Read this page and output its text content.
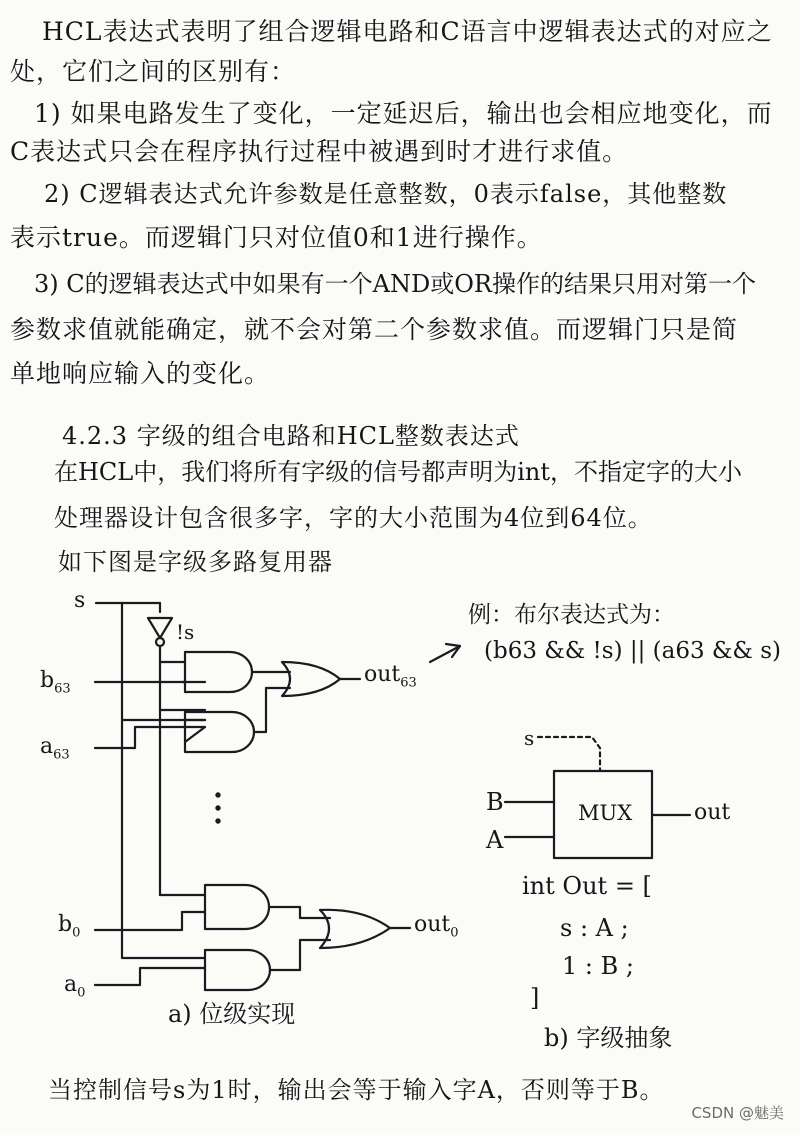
HCL表达式表明了组合逻辑电路和C语言中逻辑表达式的对应之
处，它们之间的区别有：
1) 如果电路发生了变化，一定延迟后，输出也会相应地变化，而
C表达式只会在程序执行过程中被遇到时才进行求值。
2) C逻辑表达式允许参数是任意整数，0表示false，其他整数
表示true。而逻辑门只对位值0和1进行操作。
3) C的逻辑表达式中如果有一个AND或OR操作的结果只用对第一个
参数求值就能确定，就不会对第二个参数求值。而逻辑门只是简
单地响应输入的变化。
4.2.3 字级的组合电路和HCL整数表达式
在HCL中，我们将所有字级的信号都声明为int，不指定字的大小
处理器设计包含很多字，字的大小范围为4位到64位。
如下图是字级多路复用器
s
!s
$b_{63}$
$a_{63}$
$b_0$
$a_0$
out$_{63}$
out$_0$
a) 位级实现
例：布尔表达式为：
(b63 && !s) || (a63 && s)
s
B
A
MUX	out
int Out = [
s : A ;
1 : B ;
]
b) 字级抽象
当控制信号s为1时，输出会等于输入字A，否则等于B。
CSDN @魅美
